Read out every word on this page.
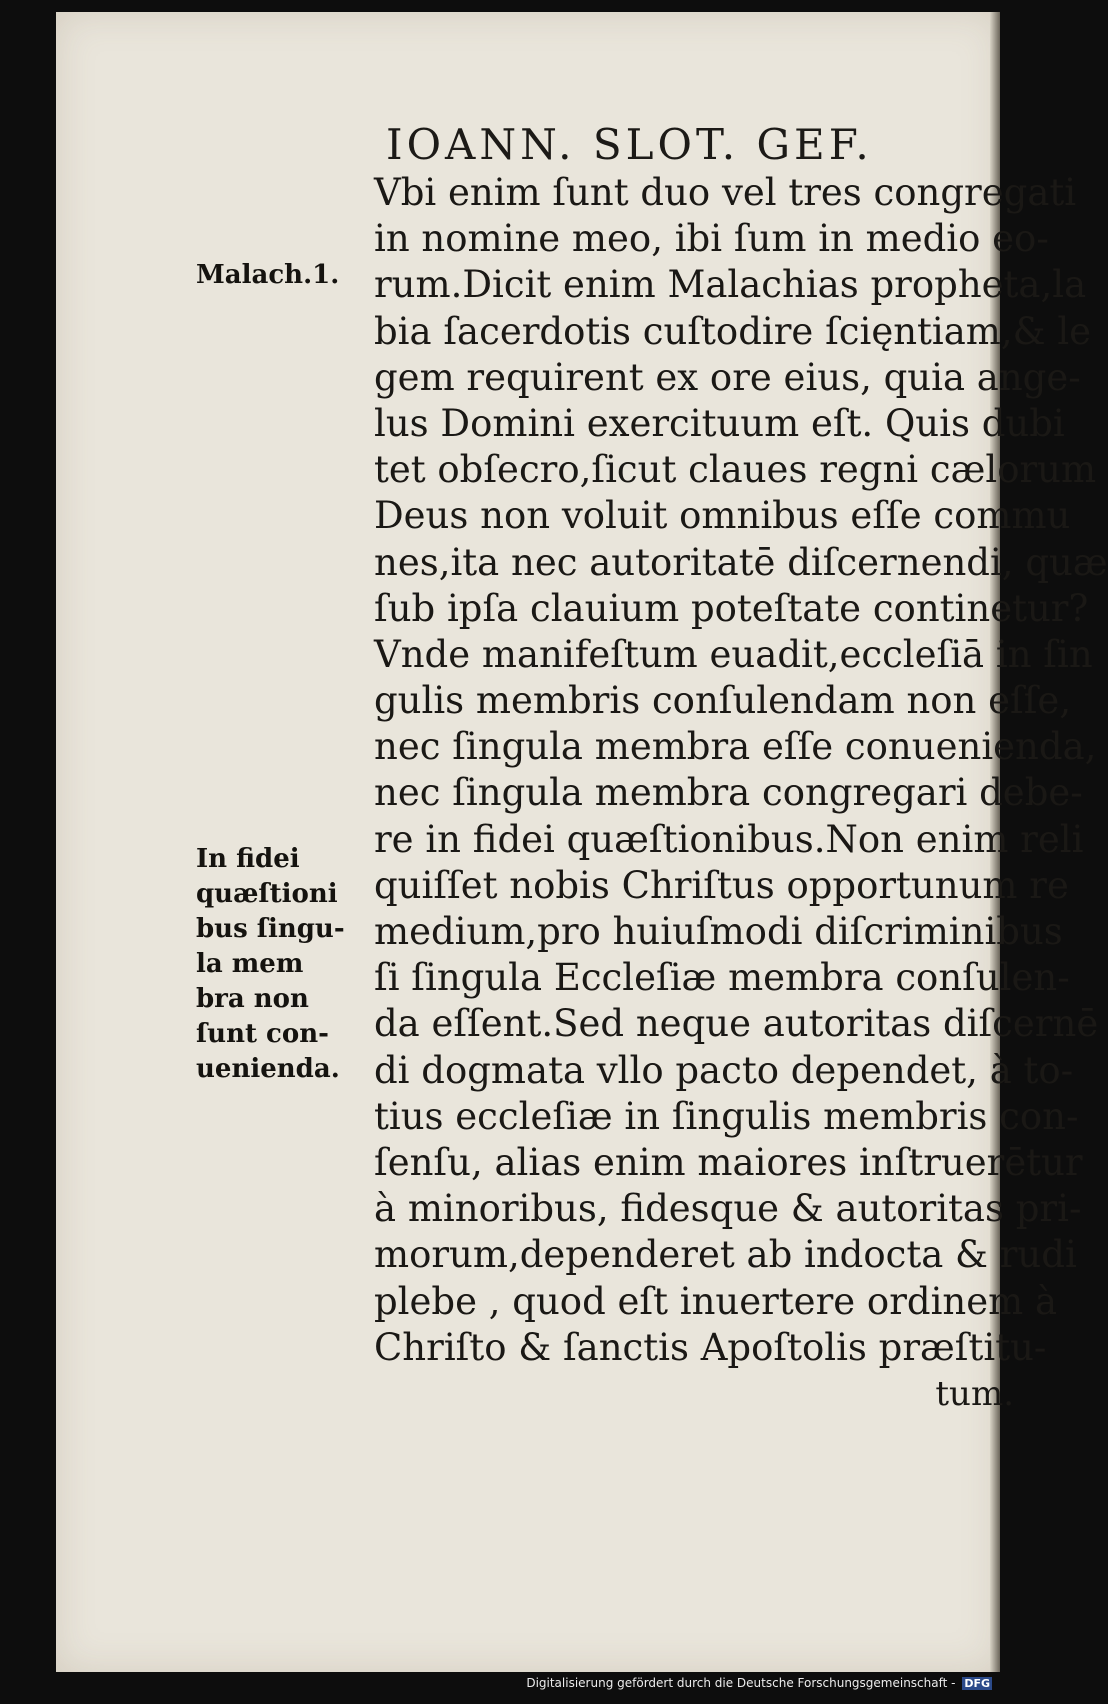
IOANN. SLOT. GEF.
Vbi enim ſunt duo vel tres congregati
in nomine meo, ibi ſum in medio eo-
rum.Dicit enim Malachias propheta,la
bia ſacerdotis cuſtodire ſcięntiam,& le
gem requirent ex ore eius, quia ange-
lus Domini exercituum eſt. Quis dubi
tet obſecro,ſicut claues regni cælorum
Deus non voluit omnibus eſſe commu
nes,ita nec autoritatē diſcernendi, quæ
ſub ipſa clauium poteſtate continetur?
Vnde manifeſtum euadit,eccleſiā in ſin
gulis membris conſulendam non eſſe,
nec ſingula membra eſſe conuenienda,
nec ſingula membra congregari debe-
re in fidei quæſtionibus.Non enim reli
quiſſet nobis Chriſtus opportunum re
medium,pro huiuſmodi diſcriminibus
ſi ſingula Eccleſiæ membra conſulen-
da eſſent.Sed neque autoritas diſcernē
di dogmata vllo pacto dependet, à to-
tius eccleſiæ in ſingulis membris con-
ſenſu, alias enim maiores inſtruerētur
à minoribus, fidesque & autoritas pri-
morum,dependeret ab indocta & rudi
plebe , quod eſt inuertere ordinem à
Chriſto & ſanctis Apoſtolis præſtitu-
tum.
Malach.1.
In fidei
quæſtioni
bus ſingu-
la mem
bra non
ſunt con-
uenienda.
Digitalisierung gefördert durch die Deutsche Forschungsgemeinschaft - DFG
